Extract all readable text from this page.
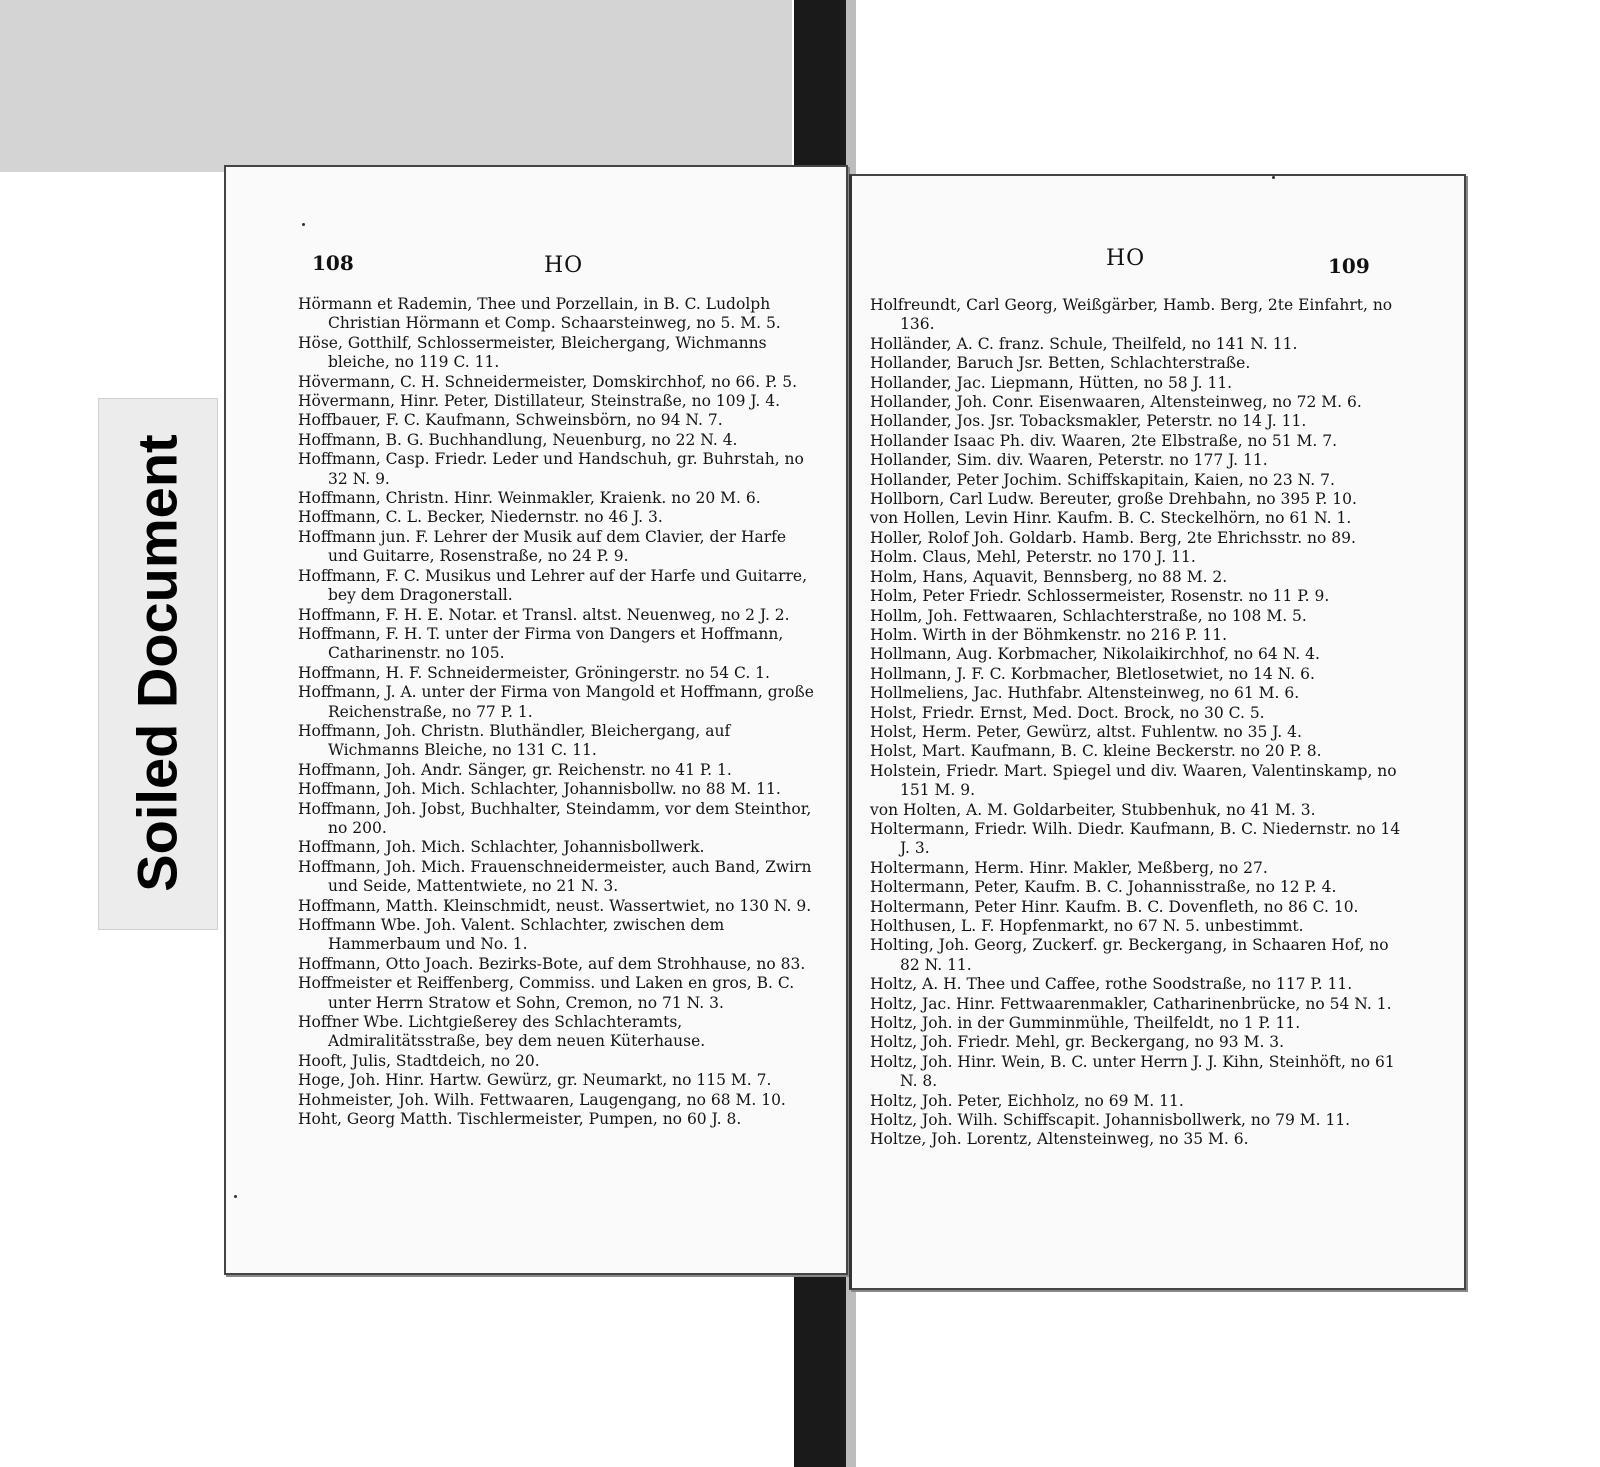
Soiled Document
108	HO
Hörmann et Rademin, Thee und Porzellain, in B. C. Ludolph Christian Hörmann et Comp. Schaarsteinweg, no 5. M. 5.
Höse, Gotthilf, Schlossermeister, Bleichergang, Wichmanns bleiche, no 119 C. 11.
Hövermann, C. H. Schneidermeister, Domskirchhof, no 66. P. 5.
Hövermann, Hinr. Peter, Distillateur, Steinstraße, no 109 J. 4.
Hoffbauer, F. C. Kaufmann, Schweinsbörn, no 94 N. 7.
Hoffmann, B. G. Buchhandlung, Neuenburg, no 22 N. 4.
Hoffmann, Casp. Friedr. Leder und Handschuh, gr. Buhrstah, no 32 N. 9.
Hoffmann, Christn. Hinr. Weinmakler, Kraienk. no 20 M. 6.
Hoffmann, C. L. Becker, Niedernstr. no 46 J. 3.
Hoffmann jun. F. Lehrer der Musik auf dem Clavier, der Harfe und Guitarre, Rosenstraße, no 24 P. 9.
Hoffmann, F. C. Musikus und Lehrer auf der Harfe und Guitarre, bey dem Dragonerstall.
Hoffmann, F. H. E. Notar. et Transl. altst. Neuenweg, no 2 J. 2.
Hoffmann, F. H. T. unter der Firma von Dangers et Hoffmann, Catharinenstr. no 105.
Hoffmann, H. F. Schneidermeister, Gröningerstr. no 54 C. 1.
Hoffmann, J. A. unter der Firma von Mangold et Hoffmann, große Reichenstraße, no 77 P. 1.
Hoffmann, Joh. Christn. Bluthändler, Bleichergang, auf Wichmanns Bleiche, no 131 C. 11.
Hoffmann, Joh. Andr. Sänger, gr. Reichenstr. no 41 P. 1.
Hoffmann, Joh. Mich. Schlachter, Johannisbollw. no 88 M. 11.
Hoffmann, Joh. Jobst, Buchhalter, Steindamm, vor dem Steinthor, no 200.
Hoffmann, Joh. Mich. Schlachter, Johannisbollwerk.
Hoffmann, Joh. Mich. Frauenschneidermeister, auch Band, Zwirn und Seide, Mattentwiete, no 21 N. 3.
Hoffmann, Matth. Kleinschmidt, neust. Wassertwiet, no 130 N. 9.
Hoffmann Wbe. Joh. Valent. Schlachter, zwischen dem Hammerbaum und No. 1.
Hoffmann, Otto Joach. Bezirks-Bote, auf dem Strohhause, no 83.
Hoffmeister et Reiffenberg, Commiss. und Laken en gros, B. C. unter Herrn Stratow et Sohn, Cremon, no 71 N. 3.
Hoffner Wbe. Lichtgießerey des Schlachteramts, Admiralitätsstraße, bey dem neuen Küterhause.
Hooft, Julis, Stadtdeich, no 20.
Hoge, Joh. Hinr. Hartw. Gewürz, gr. Neumarkt, no 115 M. 7.
Hohmeister, Joh. Wilh. Fettwaaren, Laugengang, no 68 M. 10.
Hoht, Georg Matth. Tischlermeister, Pumpen, no 60 J. 8.
109
HO
Holfreundt, Carl Georg, Weißgärber, Hamb. Berg, 2te Einfahrt, no 136.
Holländer, A. C. franz. Schule, Theilfeld, no 141 N. 11.
Hollander, Baruch Jsr. Betten, Schlachterstraße.
Hollander, Jac. Liepmann, Hütten, no 58 J. 11.
Hollander, Joh. Conr. Eisenwaaren, Altensteinweg, no 72 M. 6.
Hollander, Jos. Jsr. Tobacksmakler, Peterstr. no 14 J. 11.
Hollander Isaac Ph. div. Waaren, 2te Elbstraße, no 51 M. 7.
Hollander, Sim. div. Waaren, Peterstr. no 177 J. 11.
Hollander, Peter Jochim. Schiffskapitain, Kaien, no 23 N. 7.
Hollborn, Carl Ludw. Bereuter, große Drehbahn, no 395 P. 10.
von Hollen, Levin Hinr. Kaufm. B. C. Steckelhörn, no 61 N. 1.
Holler, Rolof Joh. Goldarb. Hamb. Berg, 2te Ehrichsstr. no 89.
Holm. Claus, Mehl, Peterstr. no 170 J. 11.
Holm, Hans, Aquavit, Bennsberg, no 88 M. 2.
Holm, Peter Friedr. Schlossermeister, Rosenstr. no 11 P. 9.
Hollm, Joh. Fettwaaren, Schlachterstraße, no 108 M. 5.
Holm. Wirth in der Böhmkenstr. no 216 P. 11.
Hollmann, Aug. Korbmacher, Nikolaikirchhof, no 64 N. 4.
Hollmann, J. F. C. Korbmacher, Bletlosetwiet, no 14 N. 6.
Hollmeliens, Jac. Huthfabr. Altensteinweg, no 61 M. 6.
Holst, Friedr. Ernst, Med. Doct. Brock, no 30 C. 5.
Holst, Herm. Peter, Gewürz, altst. Fuhlentw. no 35 J. 4.
Holst, Mart. Kaufmann, B. C. kleine Beckerstr. no 20 P. 8.
Holstein, Friedr. Mart. Spiegel und div. Waaren, Valentinskamp, no 151 M. 9.
von Holten, A. M. Goldarbeiter, Stubbenhuk, no 41 M. 3.
Holtermann, Friedr. Wilh. Diedr. Kaufmann, B. C. Niedernstr. no 14 J. 3.
Holtermann, Herm. Hinr. Makler, Meßberg, no 27.
Holtermann, Peter, Kaufm. B. C. Johannisstraße, no 12 P. 4.
Holtermann, Peter Hinr. Kaufm. B. C. Dovenfleth, no 86 C. 10.
Holthusen, L. F. Hopfenmarkt, no 67 N. 5. unbestimmt.
Holting, Joh. Georg, Zuckerf. gr. Beckergang, in Schaaren Hof, no 82 N. 11.
Holtz, A. H. Thee und Caffee, rothe Soodstraße, no 117 P. 11.
Holtz, Jac. Hinr. Fettwaarenmakler, Catharinenbrücke, no 54 N. 1.
Holtz, Joh. in der Gumminmühle, Theilfeldt, no 1 P. 11.
Holtz, Joh. Friedr. Mehl, gr. Beckergang, no 93 M. 3.
Holtz, Joh. Hinr. Wein, B. C. unter Herrn J. J. Kihn, Steinhöft, no 61 N. 8.
Holtz, Joh. Peter, Eichholz, no 69 M. 11.
Holtz, Joh. Wilh. Schiffscapit. Johannisbollwerk, no 79 M. 11.
Holtze, Joh. Lorentz, Altensteinweg, no 35 M. 6.
